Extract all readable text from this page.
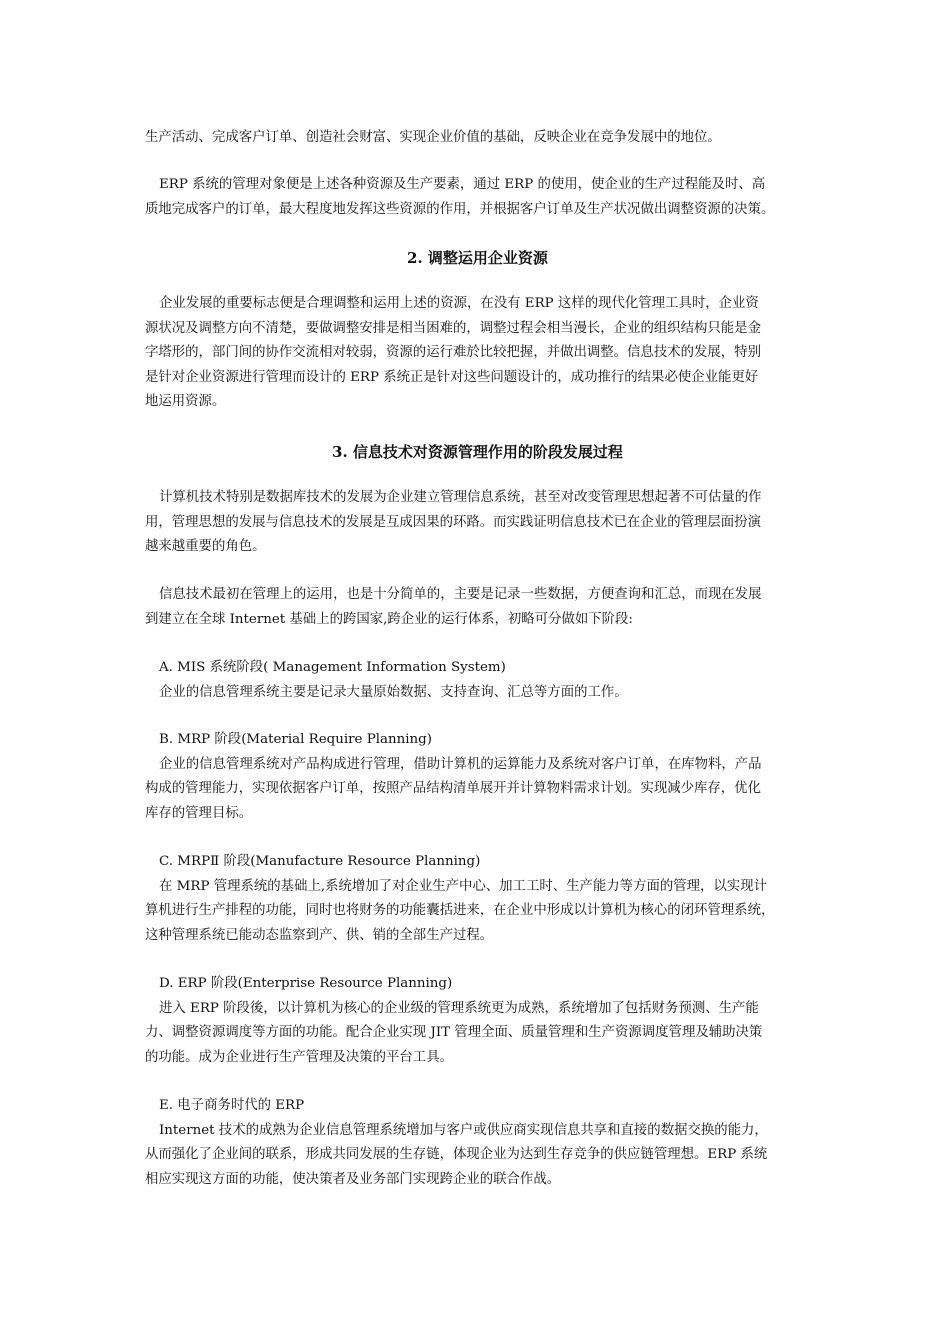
生产活动、完成客户订单、创造社会财富、实现企业价值的基础，反映企业在竞争发展中的地位。
ERP 系统的管理对象便是上述各种资源及生产要素，通过 ERP 的使用，使企业的生产过程能及时、高
质地完成客户的订单，最大程度地发挥这些资源的作用，并根据客户订单及生产状况做出调整资源的决策。
2. 调整运用企业资源
企业发展的重要标志便是合理调整和运用上述的资源，在没有 ERP 这样的现代化管理工具时，企业资
源状况及调整方向不清楚，要做调整安排是相当困难的，调整过程会相当漫长，企业的组织结构只能是金
字塔形的，部门间的协作交流相对较弱，资源的运行难於比较把握，并做出调整。信息技术的发展，特别
是针对企业资源进行管理而设计的 ERP 系统正是针对这些问题设计的，成功推行的结果必使企业能更好
地运用资源。
3. 信息技术对资源管理作用的阶段发展过程
计算机技术特别是数据库技术的发展为企业建立管理信息系统，甚至对改变管理思想起著不可估量的作
用，管理思想的发展与信息技术的发展是互成因果的环路。而实践证明信息技术已在企业的管理层面扮演
越来越重要的角色。
信息技术最初在管理上的运用，也是十分简单的，主要是记录一些数据，方便查询和汇总，而现在发展
到建立在全球 Internet 基础上的跨国家,跨企业的运行体系，初略可分做如下阶段:
A. MIS 系统阶段( Management Information System)
企业的信息管理系统主要是记录大量原始数据、支持查询、汇总等方面的工作。
B. MRP 阶段(Material Require Planning)
企业的信息管理系统对产品构成进行管理，借助计算机的运算能力及系统对客户订单，在库物料，产品
构成的管理能力，实现依据客户订单，按照产品结构清单展开并计算物料需求计划。实现减少库存，优化
库存的管理目标。
C. MRPⅡ 阶段(Manufacture Resource Planning)
在 MRP 管理系统的基础上,系统增加了对企业生产中心、加工工时、生产能力等方面的管理，以实现计
算机进行生产排程的功能，同时也将财务的功能囊括进来，在企业中形成以计算机为核心的闭环管理系统，
这种管理系统已能动态监察到产、供、销的全部生产过程。
D. ERP 阶段(Enterprise Resource Planning)
进入 ERP 阶段後，以计算机为核心的企业级的管理系统更为成熟，系统增加了包括财务预测、生产能
力、调整资源调度等方面的功能。配合企业实现 JIT 管理全面、质量管理和生产资源调度管理及辅助决策
的功能。成为企业进行生产管理及决策的平台工具。
E. 电子商务时代的 ERP
Internet 技术的成熟为企业信息管理系统增加与客户或供应商实现信息共享和直接的数据交换的能力，
从而强化了企业间的联系，形成共同发展的生存链，体现企业为达到生存竞争的供应链管理想。ERP 系统
相应实现这方面的功能，使决策者及业务部门实现跨企业的联合作战。
